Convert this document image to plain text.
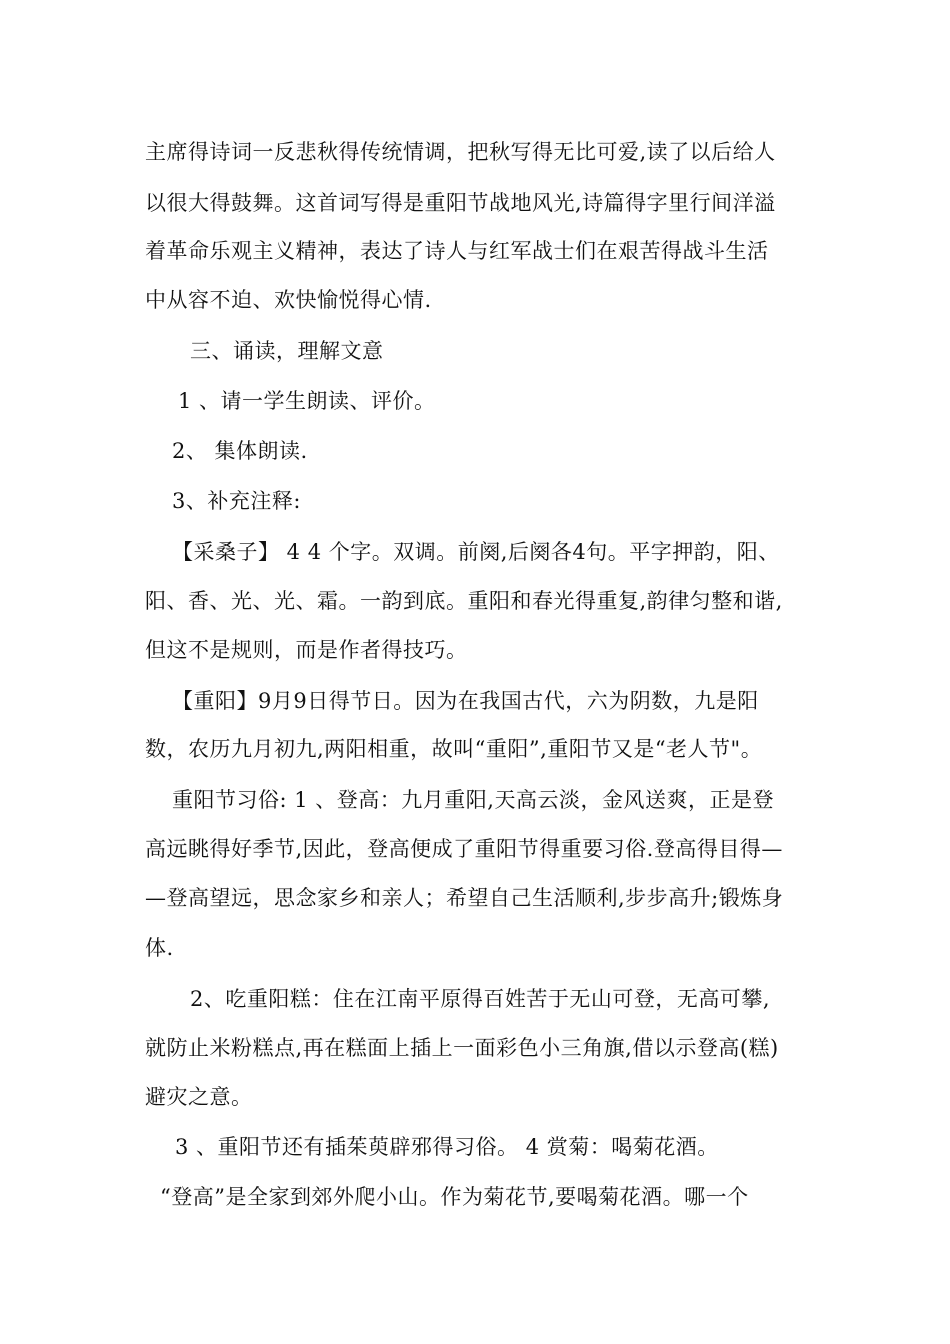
主席得诗词一反悲秋得传统情调，把秋写得无比可爱,读了以后给人
以很大得鼓舞。这首词写得是重阳节战地风光,诗篇得字里行间洋溢
着革命乐观主义精神，表达了诗人与红军战士们在艰苦得战斗生活
中从容不迫、欢快愉悦得心情.
三、诵读，理解文意
1 、请一学生朗读、评价。
2、 集体朗读.
3、补充注释:
【采桑子】 4 4 个字。双调。前阕,后阕各4句。平字押韵，阳、
阳、香、光、光、霜。一韵到底。重阳和春光得重复,韵律匀整和谐,
但这不是规则，而是作者得技巧。
【重阳】9月9日得节日。因为在我国古代，六为阴数，九是阳
数，农历九月初九,两阳相重，故叫“重阳”,重阳节又是“老人节"。
重阳节习俗: 1 、登高：九月重阳,天高云淡，金风送爽，正是登
高远眺得好季节,因此，登高便成了重阳节得重要习俗.登高得目得—
—登高望远，思念家乡和亲人；希望自己生活顺利,步步高升;锻炼身
体.
2、吃重阳糕：住在江南平原得百姓苦于无山可登，无高可攀,
就防止米粉糕点,再在糕面上插上一面彩色小三角旗,借以示登高(糕)
避灾之意。
3 、重阳节还有插茱萸辟邪得习俗。 4 赏菊：喝菊花酒。
“登高”是全家到郊外爬小山。作为菊花节,要喝菊花酒。哪一个
